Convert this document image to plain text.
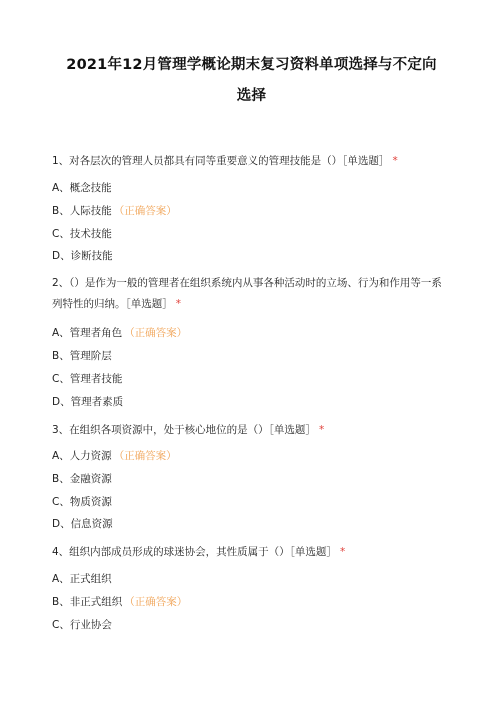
2021年12月管理学概论期末复习资料单项选择与不定向
选择
1、对各层次的管理人员都具有同等重要意义的管理技能是（）［单选题］ *
A、概念技能
B、人际技能 （正确答案）
C、技术技能
D、诊断技能
2、（）是作为一般的管理者在组织系统内从事各种活动时的立场、行为和作用等一系列特性的归纳。［单选题］ *
A、管理者角色 （正确答案）
B、管理阶层
C、管理者技能
D、管理者素质
3、在组织各项资源中，处于核心地位的是（）［单选题］ *
A、人力资源 （正确答案）
B、金融资源
C、物质资源
D、信息资源
4、组织内部成员形成的球迷协会，其性质属于（）［单选题］ *
A、正式组织
B、非正式组织 （正确答案）
C、行业协会
